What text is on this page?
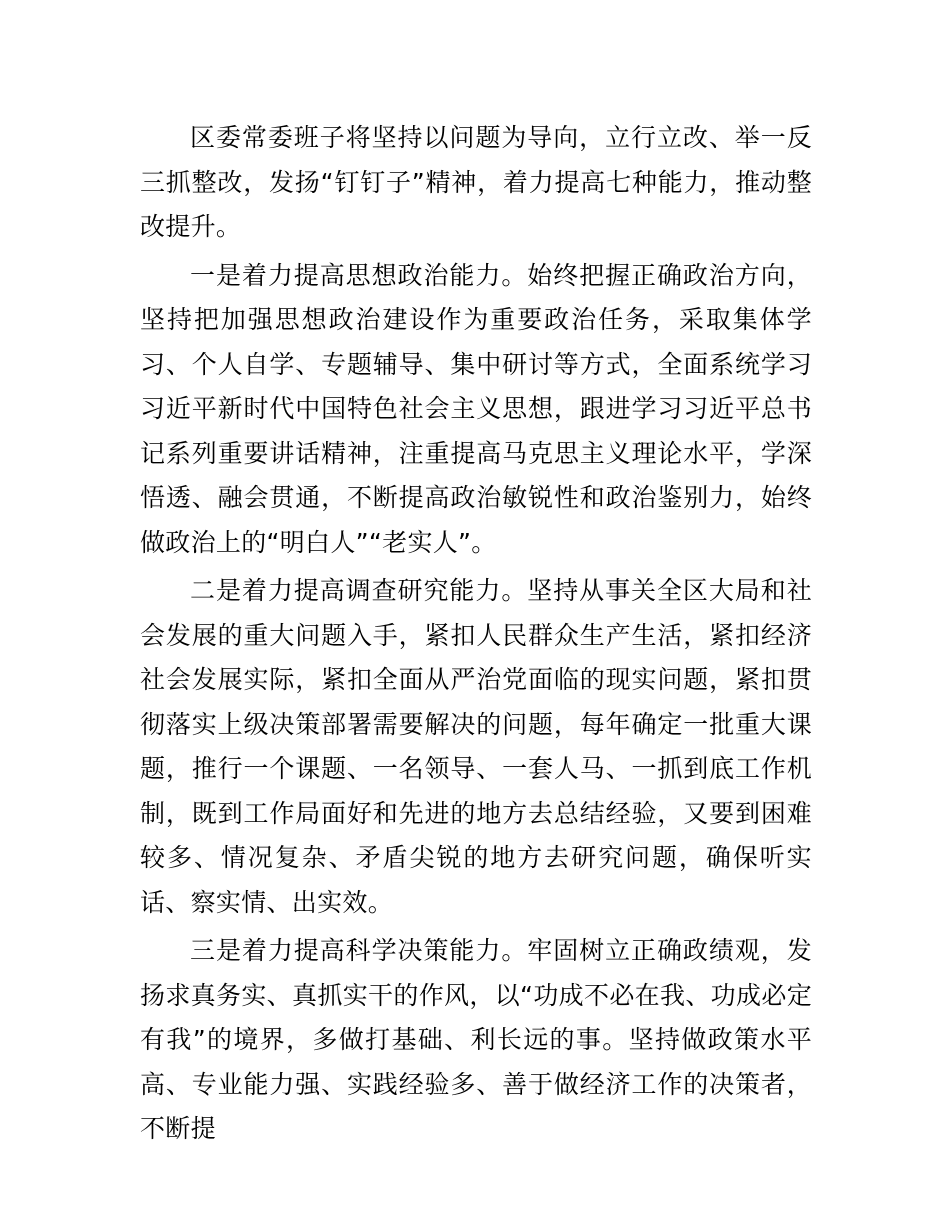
区委常委班子将坚持以问题为导向，立行立改、举一反三抓整改，发扬“钉钉子”精神，着力提高七种能力，推动整改提升。

一是着力提高思想政治能力。始终把握正确政治方向，坚持把加强思想政治建设作为重要政治任务，采取集体学习、个人自学、专题辅导、集中研讨等方式，全面系统学习习近平新时代中国特色社会主义思想，跟进学习习近平总书记系列重要讲话精神，注重提高马克思主义理论水平，学深悟透、融会贯通，不断提高政治敏锐性和政治鉴别力，始终做政治上的“明白人”“老实人”。

二是着力提高调查研究能力。坚持从事关全区大局和社会发展的重大问题入手，紧扣人民群众生产生活，紧扣经济社会发展实际，紧扣全面从严治党面临的现实问题，紧扣贯彻落实上级决策部署需要解决的问题，每年确定一批重大课题，推行一个课题、一名领导、一套人马、一抓到底工作机制，既到工作局面好和先进的地方去总结经验，又要到困难较多、情况复杂、矛盾尖锐的地方去研究问题，确保听实话、察实情、出实效。

三是着力提高科学决策能力。牢固树立正确政绩观，发扬求真务实、真抓实干的作风，以“功成不必在我、功成必定有我”的境界，多做打基础、利长远的事。坚持做政策水平高、专业能力强、实践经验多、善于做经济工作的决策者，不断提
